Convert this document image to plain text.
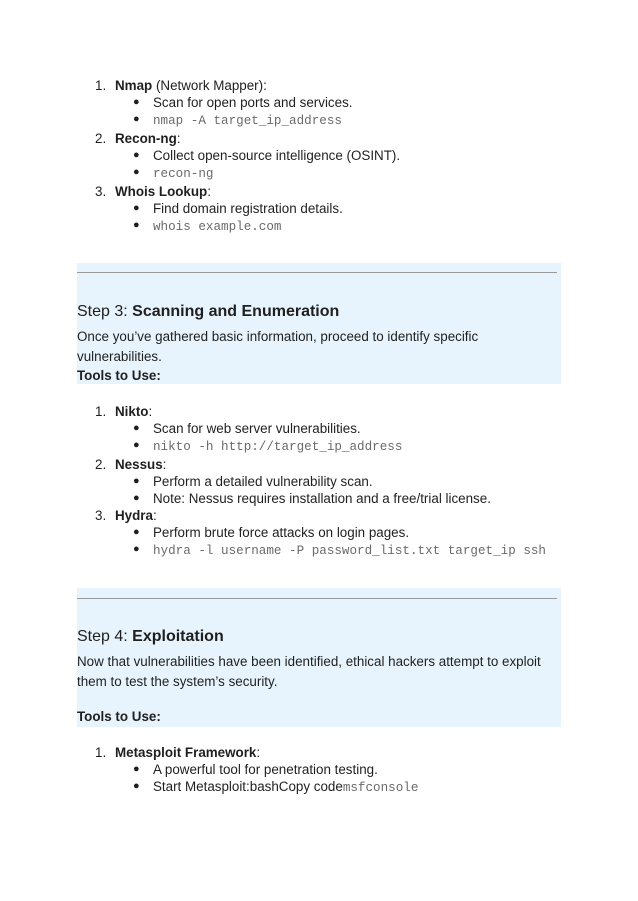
1. Nmap (Network Mapper):
● Scan for open ports and services.
● nmap -A target_ip_address
2. Recon-ng:
● Collect open-source intelligence (OSINT).
● recon-ng
3. Whois Lookup:
● Find domain registration details.
● whois example.com
Step 3: Scanning and Enumeration
Once you’ve gathered basic information, proceed to identify specific vulnerabilities.
Tools to Use:
1. Nikto:
● Scan for web server vulnerabilities.
● nikto -h http://target_ip_address
2. Nessus:
● Perform a detailed vulnerability scan.
● Note: Nessus requires installation and a free/trial license.
3. Hydra:
● Perform brute force attacks on login pages.
● hydra -l username -P password_list.txt target_ip ssh
Step 4: Exploitation
Now that vulnerabilities have been identified, ethical hackers attempt to exploit them to test the system’s security.
Tools to Use:
1. Metasploit Framework:
● A powerful tool for penetration testing.
● Start Metasploit:bashCopy codemsfconsole
